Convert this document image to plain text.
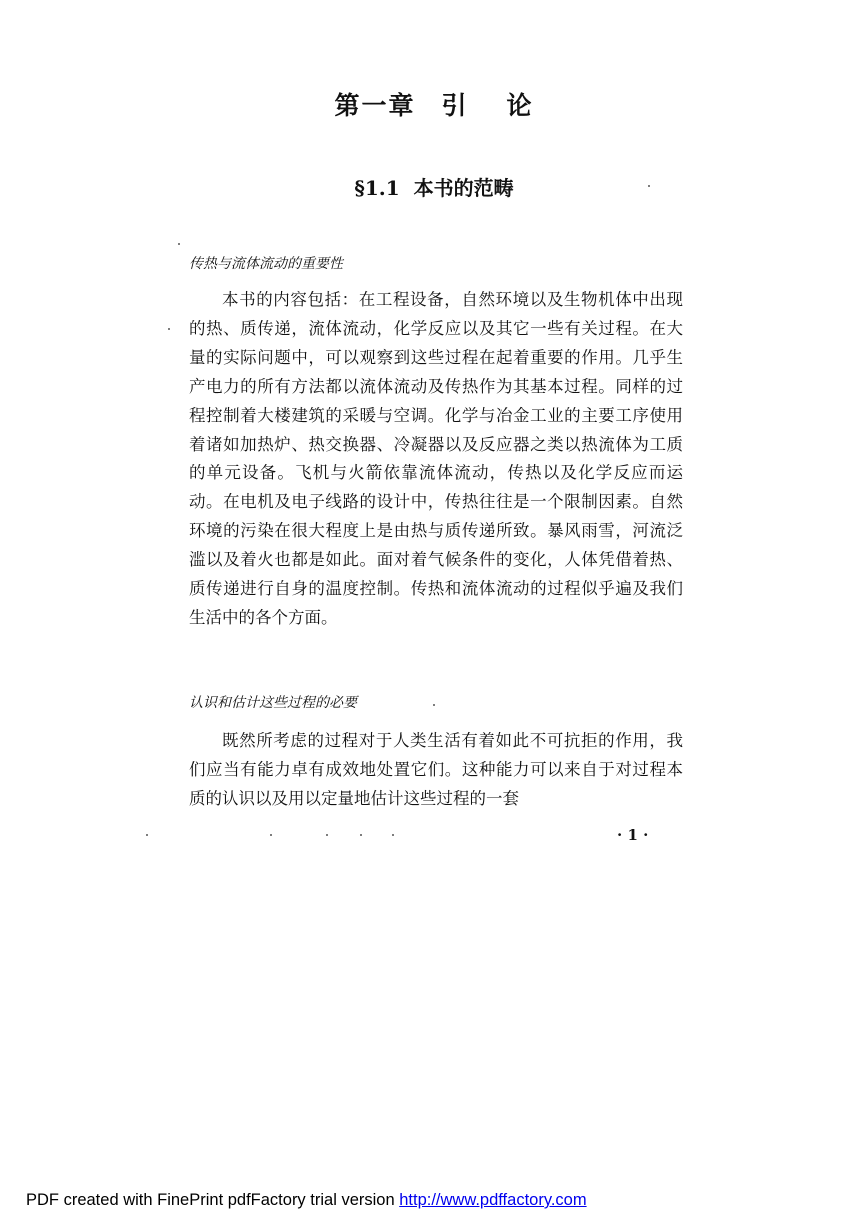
第一章 引 论
§1.1 本书的范畴
传热与流体流动的重要性

本书的内容包括：在工程设备，自然环境以及生物机体中出现的热、质传递，流体流动，化学反应以及其它一些有关过程。在大量的实际问题中，可以观察到这些过程在起着重要的作用。几乎生产电力的所有方法都以流体流动及传热作为其基本过程。同样的过程控制着大楼建筑的采暖与空调。化学与冶金工业的主要工序使用着诸如加热炉、热交换器、冷凝器以及反应器之类以热流体为工质的单元设备。飞机与火箭依靠流体流动，传热以及化学反应而运动。在电机及电子线路的设计中，传热往往是一个限制因素。自然环境的污染在很大程度上是由热与质传递所致。暴风雨雪，河流泛滥以及着火也都是如此。面对着气候条件的变化，人体凭借着热、质传递进行自身的温度控制。传热和流体流动的过程似乎遍及我们生活中的各个方面。

认识和估计这些过程的必要

既然所考虑的过程对于人类生活有着如此不可抗拒的作用，我们应当有能力卓有成效地处置它们。这种能力可以来自于对过程本质的认识以及用以定量地估计这些过程的一套

· 1 ·
PDF created with FinePrint pdfFactory trial version http://www.pdffactory.com
